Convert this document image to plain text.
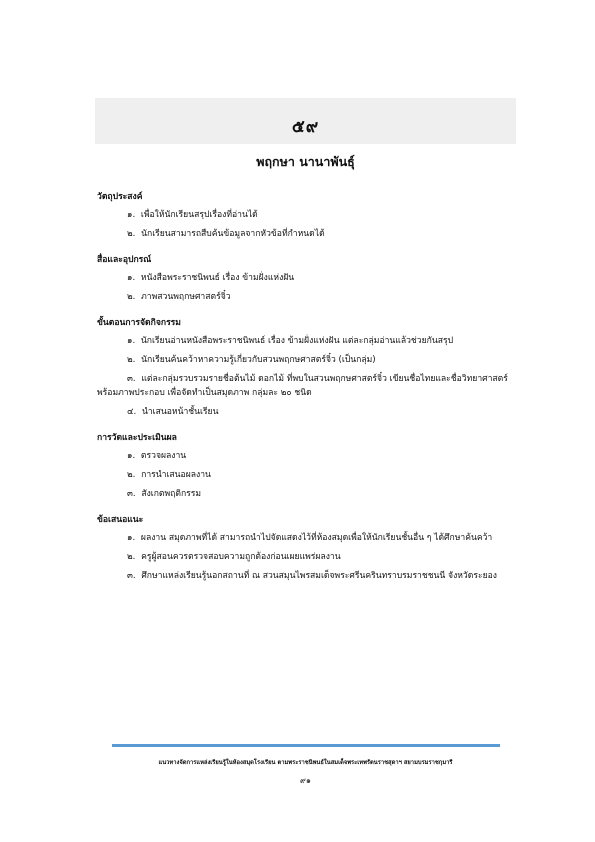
๕๙
พฤกษา นานาพันธุ์
วัตถุประสงค์
๑. เพื่อให้นักเรียนสรุปเรื่องที่อ่านได้
๒. นักเรียนสามารถสืบค้นข้อมูลจากหัวข้อที่กำหนดได้
สื่อและอุปกรณ์
๑. หนังสือพระราชนิพนธ์ เรื่อง ข้ามฝั่งแห่งฝัน
๒. ภาพสวนพฤกษศาสตร์จิ๋ว
ขั้นตอนการจัดกิจกรรม
๑. นักเรียนอ่านหนังสือพระราชนิพนธ์ เรื่อง ข้ามฝั่งแห่งฝัน แต่ละกลุ่มอ่านแล้วช่วยกันสรุป
๒. นักเรียนค้นคว้าหาความรู้เกี่ยวกับสวนพฤกษศาสตร์จิ๋ว (เป็นกลุ่ม)
๓. แต่ละกลุ่มรวบรวมรายชื่อต้นไม้ ดอกไม้ ที่พบในสวนพฤกษศาสตร์จิ๋ว เขียนชื่อไทยและชื่อวิทยาศาสตร์ พร้อมภาพประกอบ เพื่อจัดทำเป็นสมุดภาพ กลุ่มละ ๒๐ ชนิด
๔. นำเสนอหน้าชั้นเรียน
การวัดและประเมินผล
๑. ตรวจผลงาน
๒. การนำเสนอผลงาน
๓. สังเกตพฤติกรรม
ข้อเสนอแนะ
๑. ผลงาน สมุดภาพที่ได้ สามารถนำไปจัดแสดงไว้ที่ห้องสมุดเพื่อให้นักเรียนชั้นอื่น ๆ ได้ศึกษาค้นคว้า
๒. ครูผู้สอนควรตรวจสอบความถูกต้องก่อนเผยแพร่ผลงาน
๓. ศึกษาแหล่งเรียนรู้นอกสถานที่ ณ สวนสมุนไพรสมเด็จพระศรีนครินทราบรมราชชนนี จังหวัดระยอง
แนวทางจัดการแหล่งเรียนรู้ในห้องสมุดโรงเรียน ตามพระราชนิพนธ์ในสมเด็จพระเทพรัตนราชสุดาฯ สยามบรมราชกุมารี
๙๑
